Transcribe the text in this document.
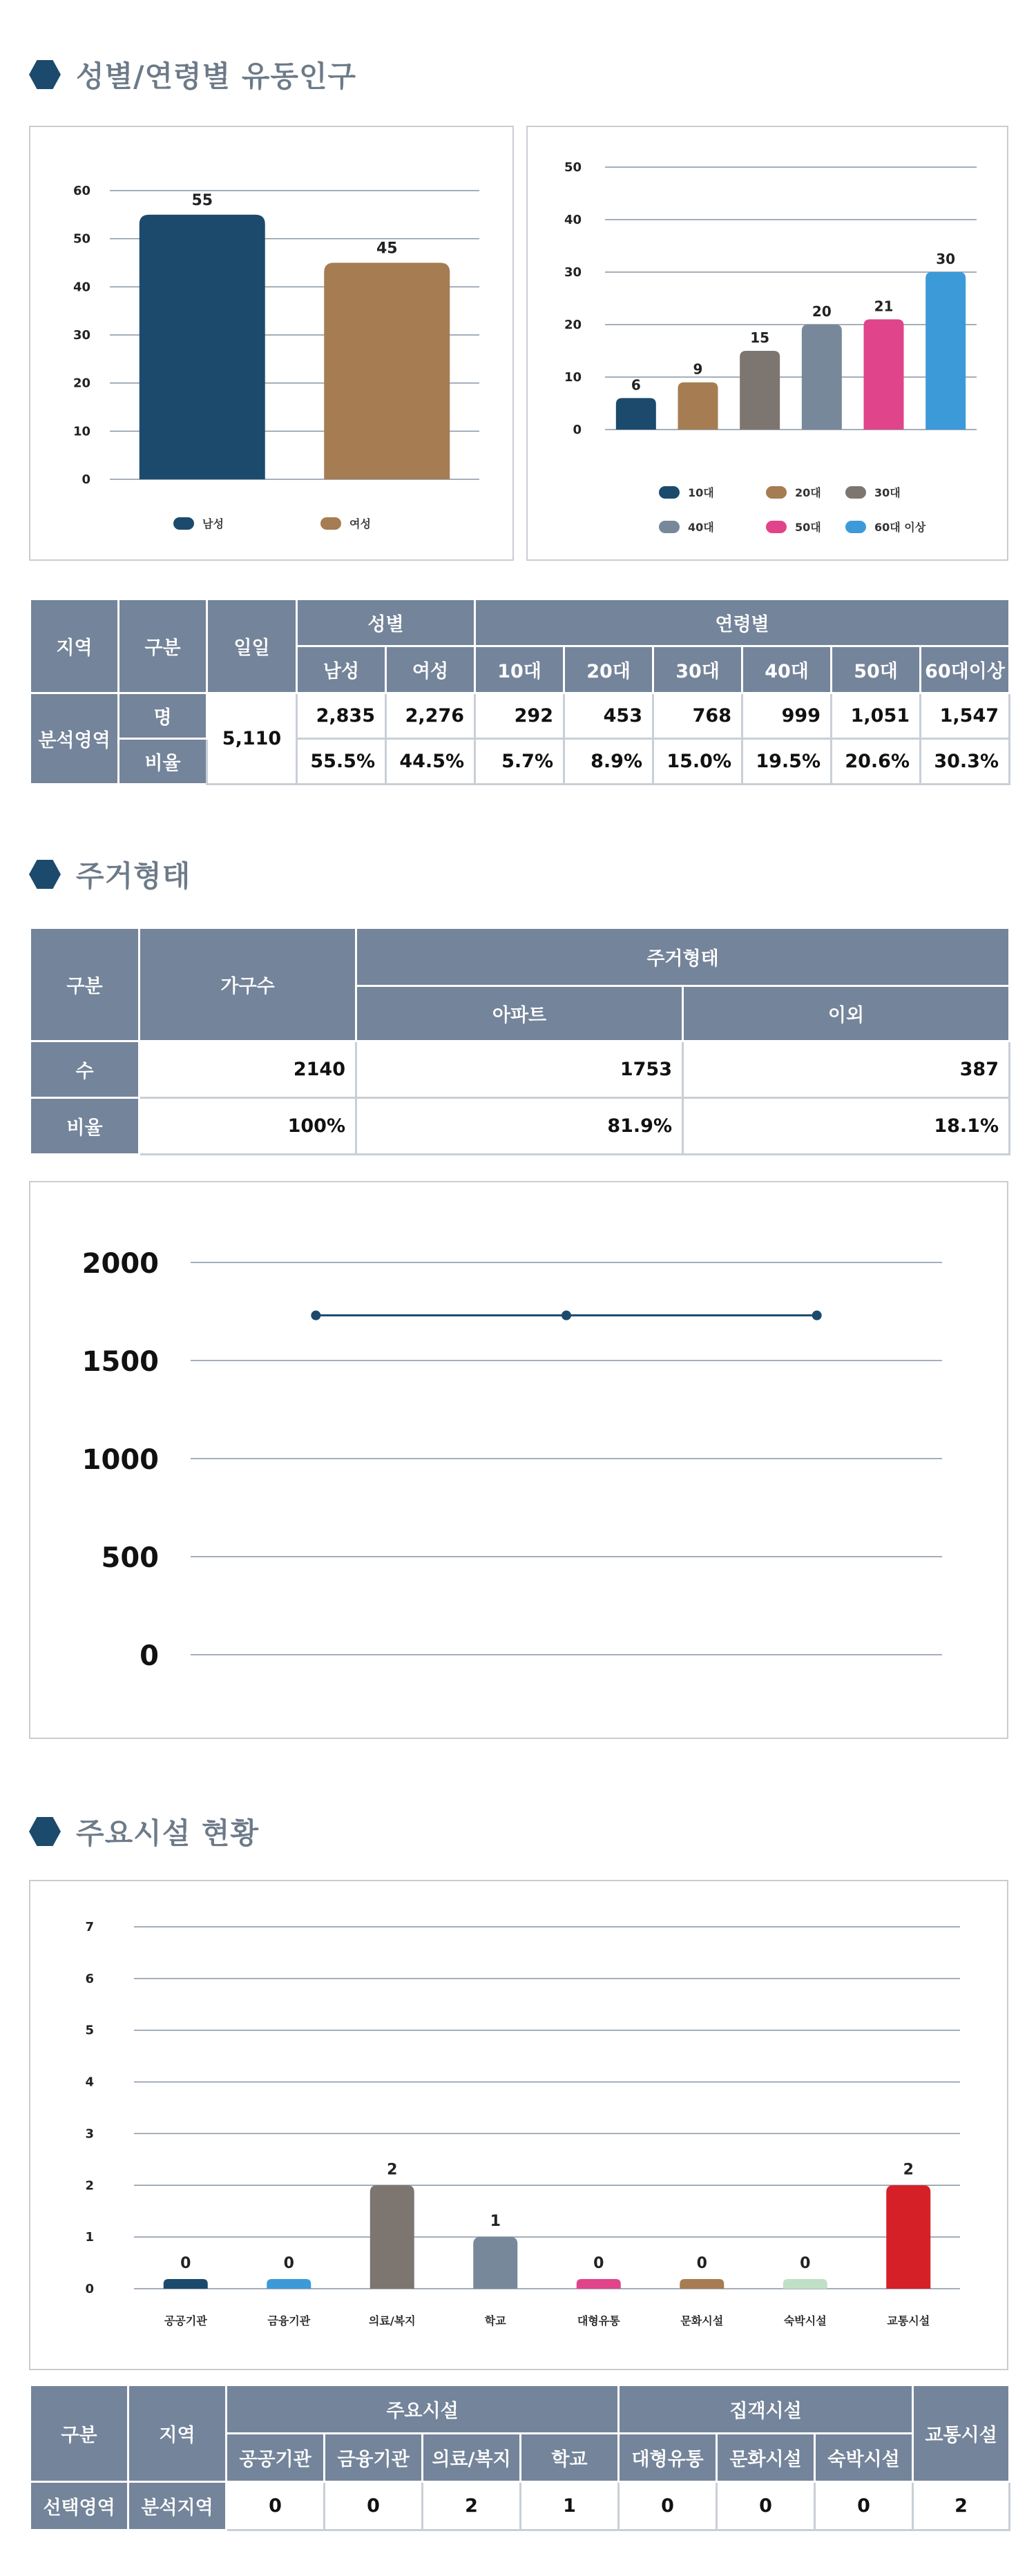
성별/연령별 유동인구
0
10
20
30
40
50
60
55
45
남성	여성
0
10
20
30
40
50
6
9
15
20	21
30
10대	20대	30대
40대	50대	60대 이상
지역	구분	일일	성별		연령별					
			남성	여성	10대	20대	30대	40대	50대	60대이상
분석영역	명	5,110	2,835	2,276	292	453	768	999	1,051	1,547
	비율		55.5%	44.5%	5.7%	8.9%	15.0%	19.5%	20.6%	30.3%
주거형태
구분	가구수	주거형태	
		아파트	이외
수	2140	1753	387
비율	100%	81.9%	18.1%
0
500
1000
1500
2000
주요시설 현황
0
1
2
3
4
5
6
7
0
공공기관
0
금융기관
2
의료/복지
1
학교
0
대형유통
0
문화시설
0
숙박시설
2
교통시설
구분	지역	주요시설				집객시설			교통시설
		공공기관	금융기관	의료/복지	학교	대형유통	문화시설	숙박시설	
선택영역	분석지역	0	0	2	1	0	0	0	2
